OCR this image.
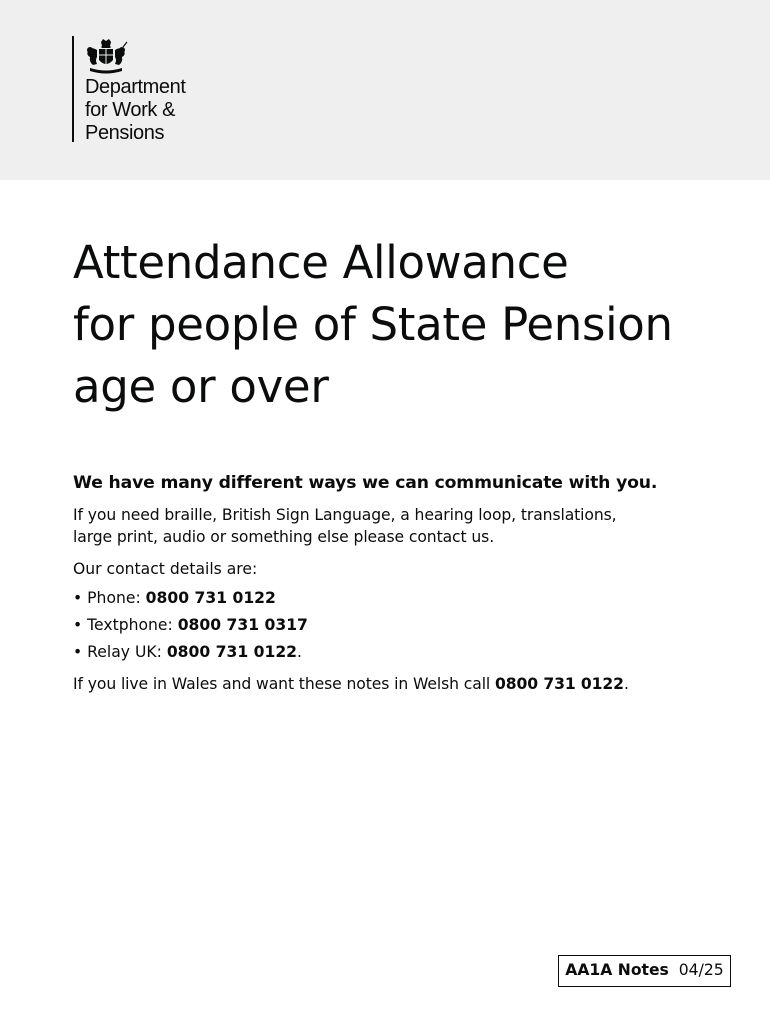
Department
for Work &
Pensions
Attendance Allowance
for people of State Pension
age or over

We have many different ways we can communicate with you.

If you need braille, British Sign Language, a hearing loop, translations,
large print, audio or something else please contact us.

Our contact details are:

• Phone: 0800 731 0122
• Textphone: 0800 731 0317
• Relay UK: 0800 731 0122.

If you live in Wales and want these notes in Welsh call 0800 731 0122.

AA1A Notes 04/25
